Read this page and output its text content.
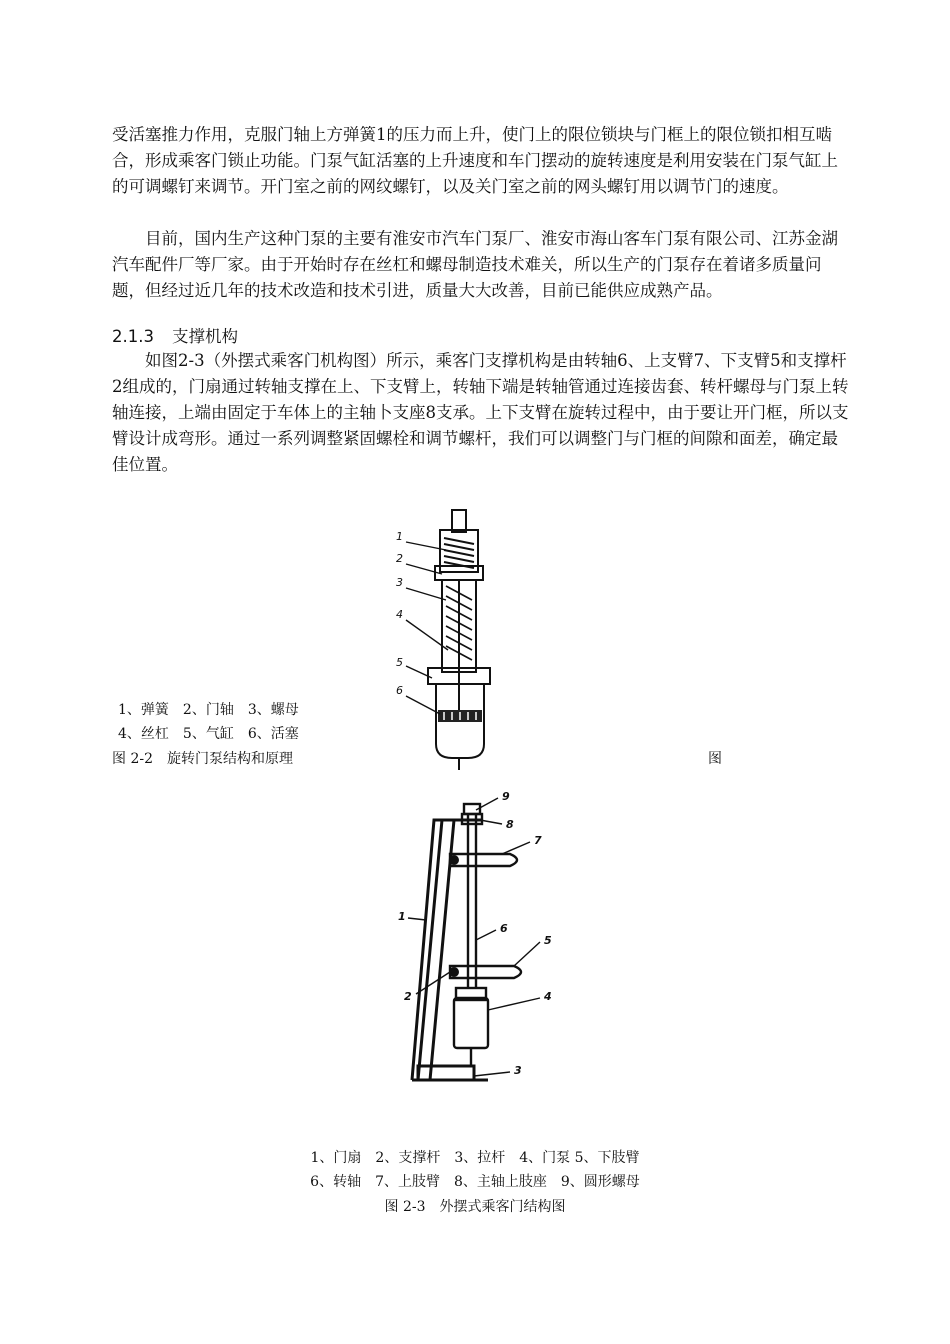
受活塞推力作用，克服门轴上方弹簧1的压力而上升，使门上的限位锁块与门框上的限位锁扣相互啮合，形成乘客门锁止功能。门泵气缸活塞的上升速度和车门摆动的旋转速度是利用安装在门泵气缸上的可调螺钉来调节。开门室之前的网纹螺钉，以及关门室之前的网头螺钉用以调节门的速度。

目前，国内生产这种门泵的主要有淮安市汽车门泵厂、淮安市海山客车门泵有限公司、江苏金湖汽车配件厂等厂家。由于开始时存在丝杠和螺母制造技术难关，所以生产的门泵存在着诸多质量问题，但经过近几年的技术改造和技术引进，质量大大改善，目前已能供应成熟产品。

2.1.3 支撑机构

如图2-3（外摆式乘客门机构图）所示，乘客门支撑机构是由转轴6、上支臂7、下支臂5和支撑杆2组成的，门扇通过转轴支撑在上、下支臂上，转轴下端是转轴管通过连接齿套、转杆螺母与门泵上转轴连接，上端由固定于车体上的主轴卜支座8支承。上下支臂在旋转过程中，由于要让开门框，所以支臂设计成弯形。通过一系列调整紧固螺栓和调节螺杆，我们可以调整门与门框的间隙和面差，确定最佳位置。

1
2
3
4
5
6
1、弹簧　2、门轴　3、螺母
4、丝杠　5、气缸　6、活塞
图 2-2 旋转门泵结构和原理	图
9
8
7
6
5
1
2	4
3
1、门扇　2、支撑杆　3、拉杆　4、门泵 5、下肢臂
6、转轴　7、上肢臂　8、主轴上肢座　9、圆形螺母
图 2-3 外摆式乘客门结构图
